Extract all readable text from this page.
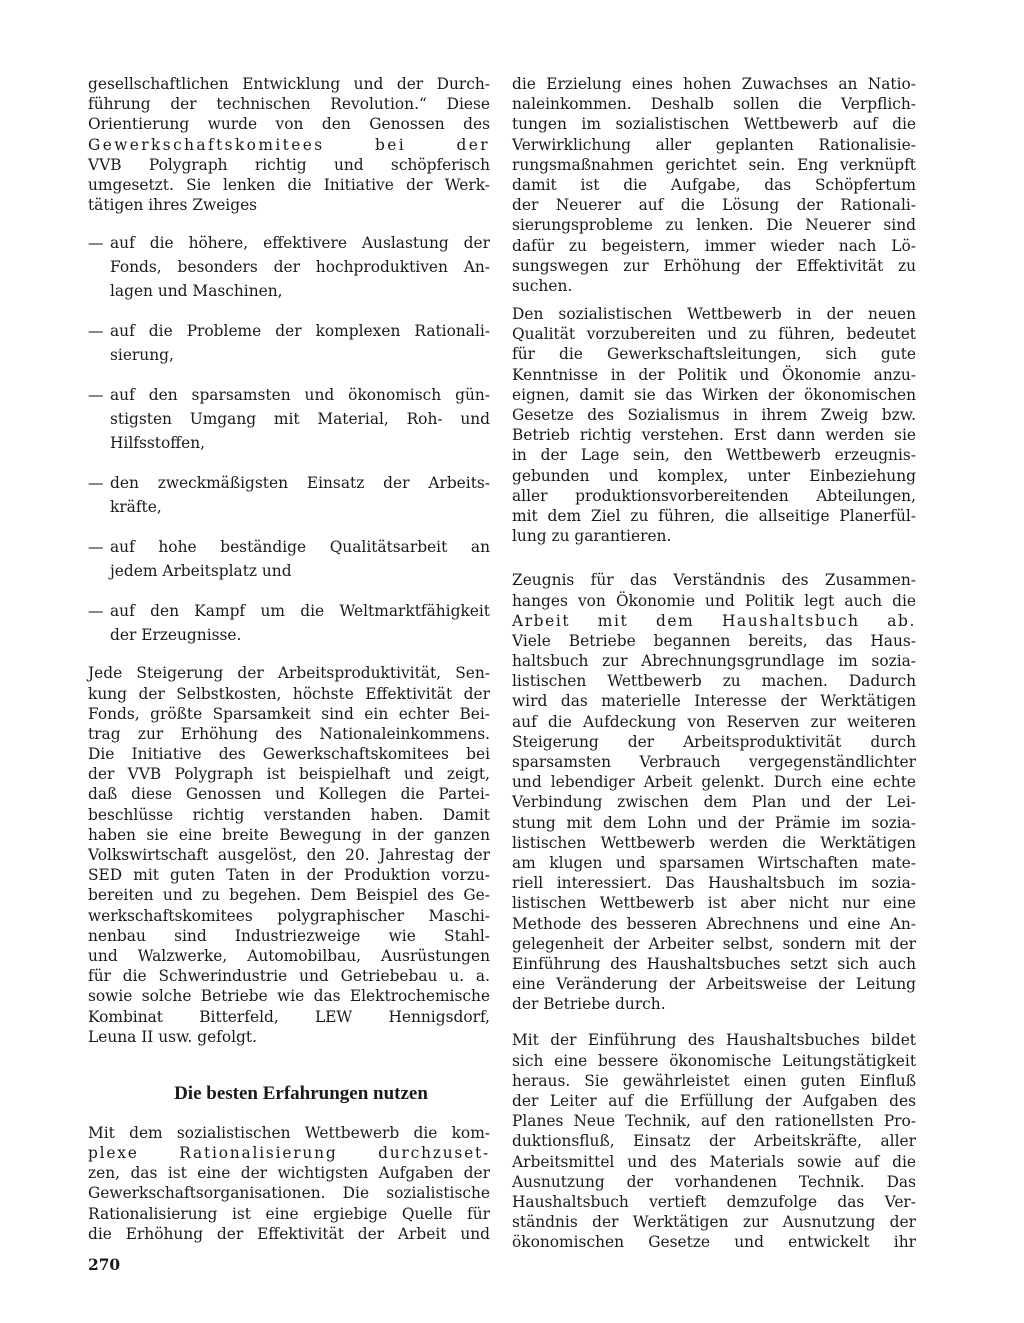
gesellschaftlichen Entwicklung und der Durch-
führung der technischen Revolution.“ Diese
Orientierung wurde von den Genossen des
Gewerkschaftskomitees bei der
VVB Polygraph richtig und schöpferisch
umgesetzt. Sie lenken die Initiative der Werk-
tätigen ihres Zweiges
— auf die höhere, effektivere Auslastung der
Fonds, besonders der hochproduktiven An-
lagen und Maschinen,
— auf die Probleme der komplexen Rationali-
sierung,
— auf den sparsamsten und ökonomisch gün-
stigsten Umgang mit Material, Roh- und
Hilfsstoffen,
— den zweckmäßigsten Einsatz der Arbeits-
kräfte,
— auf hohe beständige Qualitätsarbeit an
jedem Arbeitsplatz und
— auf den Kampf um die Weltmarktfähigkeit
der Erzeugnisse.
Jede Steigerung der Arbeitsproduktivität, Sen-
kung der Selbstkosten, höchste Effektivität der
Fonds, größte Sparsamkeit sind ein echter Bei-
trag zur Erhöhung des Nationaleinkommens.
Die Initiative des Gewerkschaftskomitees bei
der VVB Polygraph ist beispielhaft und zeigt,
daß diese Genossen und Kollegen die Partei-
beschlüsse richtig verstanden haben. Damit
haben sie eine breite Bewegung in der ganzen
Volkswirtschaft ausgelöst, den 20. Jahrestag der
SED mit guten Taten in der Produktion vorzu-
bereiten und zu begehen. Dem Beispiel des Ge-
werkschaftskomitees polygraphischer Maschi-
nenbau sind Industriezweige wie Stahl-
und Walzwerke, Automobilbau, Ausrüstungen
für die Schwerindustrie und Getriebebau u. a.
sowie solche Betriebe wie das Elektrochemische
Kombinat Bitterfeld, LEW Hennigsdorf,
Leuna II usw. gefolgt.
Die besten Erfahrungen nutzen
Mit dem sozialistischen Wettbewerb die kom-
plexe Rationalisierung durchzuset-
zen, das ist eine der wichtigsten Aufgaben der
Gewerkschaftsorganisationen. Die sozialistische
Rationalisierung ist eine ergiebige Quelle für
die Erhöhung der Effektivität der Arbeit und
die Erzielung eines hohen Zuwachses an Natio-
naleinkommen. Deshalb sollen die Verpflich-
tungen im sozialistischen Wettbewerb auf die
Verwirklichung aller geplanten Rationalisie-
rungsmaßnahmen gerichtet sein. Eng verknüpft
damit ist die Aufgabe, das Schöpfertum
der Neuerer auf die Lösung der Rationali-
sierungsprobleme zu lenken. Die Neuerer sind
dafür zu begeistern, immer wieder nach Lö-
sungswegen zur Erhöhung der Effektivität zu
suchen.
Den sozialistischen Wettbewerb in der neuen
Qualität vorzubereiten und zu führen, bedeutet
für die Gewerkschaftsleitungen, sich gute
Kenntnisse in der Politik und Ökonomie anzu-
eignen, damit sie das Wirken der ökonomischen
Gesetze des Sozialismus in ihrem Zweig bzw.
Betrieb richtig verstehen. Erst dann werden sie
in der Lage sein, den Wettbewerb erzeugnis-
gebunden und komplex, unter Einbeziehung
aller produktionsvorbereitenden Abteilungen,
mit dem Ziel zu führen, die allseitige Planerfül-
lung zu garantieren.
Zeugnis für das Verständnis des Zusammen-
hanges von Ökonomie und Politik legt auch die
Arbeit mit dem Haushaltsbuch ab.
Viele Betriebe begannen bereits, das Haus-
haltsbuch zur Abrechnungsgrundlage im sozia-
listischen Wettbewerb zu machen. Dadurch
wird das materielle Interesse der Werktätigen
auf die Aufdeckung von Reserven zur weiteren
Steigerung der Arbeitsproduktivität durch
sparsamsten Verbrauch vergegenständlichter
und lebendiger Arbeit gelenkt. Durch eine echte
Verbindung zwischen dem Plan und der Lei-
stung mit dem Lohn und der Prämie im sozia-
listischen Wettbewerb werden die Werktätigen
am klugen und sparsamen Wirtschaften mate-
riell interessiert. Das Haushaltsbuch im sozia-
listischen Wettbewerb ist aber nicht nur eine
Methode des besseren Abrechnens und eine An-
gelegenheit der Arbeiter selbst, sondern mit der
Einführung des Haushaltsbuches setzt sich auch
eine Veränderung der Arbeitsweise der Leitung
der Betriebe durch.
Mit der Einführung des Haushaltsbuches bildet
sich eine bessere ökonomische Leitungstätigkeit
heraus. Sie gewährleistet einen guten Einfluß
der Leiter auf die Erfüllung der Aufgaben des
Planes Neue Technik, auf den rationellsten Pro-
duktionsfluß, Einsatz der Arbeitskräfte, aller
Arbeitsmittel und des Materials sowie auf die
Ausnutzung der vorhandenen Technik. Das
Haushaltsbuch vertieft demzufolge das Ver-
ständnis der Werktätigen zur Ausnutzung der
ökonomischen Gesetze und entwickelt ihr
270
